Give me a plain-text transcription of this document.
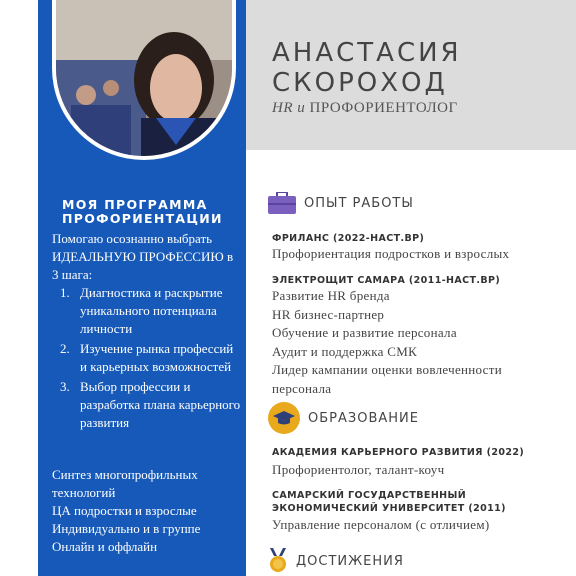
АНАСТАСИЯ
СКОРОХОД
HR и ПРОФОРИЕНТОЛОГ
МОЯ ПРОГРАММА ПРОФОРИЕНТАЦИИ
Помогаю осознанно выбрать ИДЕАЛЬНУЮ ПРОФЕССИЮ в 3 шага:
1. Диагностика и раскрытие уникального потенциала личности
2. Изучение рынка профессий и карьерных возможностей
3. Выбор профессии и разработка плана карьерного развития
Синтез многопрофильных
технологий
ЦА подростки и взрослые
Индивидуально и в группе
Онлайн и оффлайн
ОПЫТ РАБОТЫ
ФРИЛАНС (2022-НАСТ.ВР)
Профориентация подростков и взрослых
ЭЛЕКТРОЩИТ САМАРА (2011-НАСТ.ВР)
Развитие HR бренда
HR бизнес-партнер
Обучение и развитие персонала
Аудит и поддержка СМК
Лидер кампании оценки вовлеченности
персонала
ОБРАЗОВАНИЕ
АКАДЕМИЯ КАРЬЕРНОГО РАЗВИТИЯ (2022)
Профориентолог, талант-коуч
САМАРСКИЙ ГОСУДАРСТВЕННЫЙ
ЭКОНОМИЧЕСКИЙ УНИВЕРСИТЕТ (2011)
Управление персоналом (с отличием)
ДОСТИЖЕНИЯ
